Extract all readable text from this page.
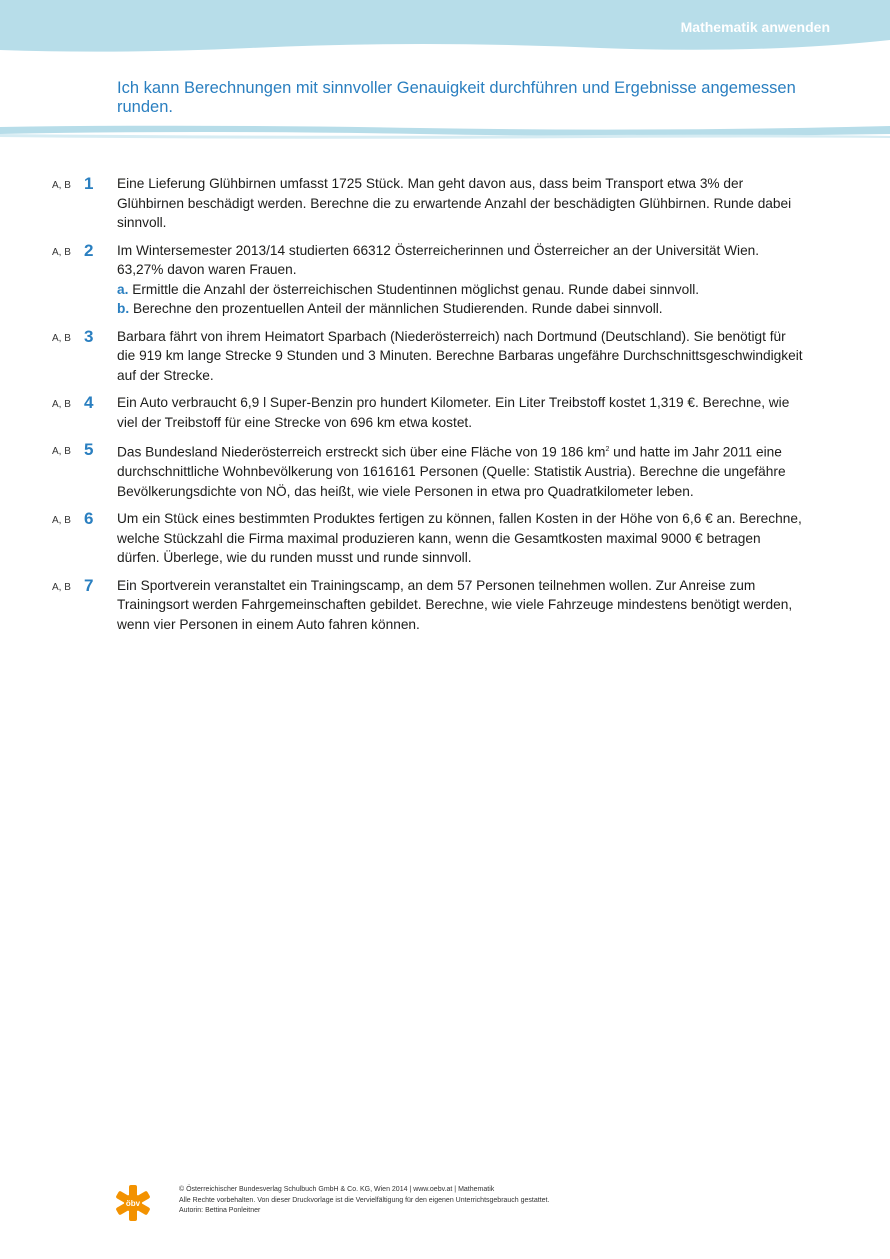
Mathematik anwenden
Ich kann Berechnungen mit sinnvoller Genauigkeit durchführen und Ergebnisse angemessen runden.
A, B 1 Eine Lieferung Glühbirnen umfasst 1725 Stück. Man geht davon aus, dass beim Transport etwa 3% der Glühbirnen beschädigt werden. Berechne die zu erwartende Anzahl der beschädigten Glühbirnen. Runde dabei sinnvoll.
A, B 2 Im Wintersemester 2013/14 studierten 66312 Österreicherinnen und Österreicher an der Universität Wien. 63,27% davon waren Frauen.
a. Ermittle die Anzahl der österreichischen Studentinnen möglichst genau. Runde dabei sinnvoll.
b. Berechne den prozentuellen Anteil der männlichen Studierenden. Runde dabei sinnvoll.
A, B 3 Barbara fährt von ihrem Heimatort Sparbach (Niederösterreich) nach Dortmund (Deutschland). Sie benötigt für die 919 km lange Strecke 9 Stunden und 3 Minuten. Berechne Barbaras ungefähre Durchschnittsgeschwindigkeit auf der Strecke.
A, B 4 Ein Auto verbraucht 6,9 l Super-Benzin pro hundert Kilometer. Ein Liter Treibstoff kostet 1,319 €. Berechne, wie viel der Treibstoff für eine Strecke von 696 km etwa kostet.
A, B 5 Das Bundesland Niederösterreich erstreckt sich über eine Fläche von 19 186 $km^2$ und hatte im Jahr 2011 eine durchschnittliche Wohnbevölkerung von 1616161 Personen (Quelle: Statistik Austria). Berechne die ungefähre Bevölkerungsdichte von NÖ, das heißt, wie viele Personen in etwa pro Quadratkilometer leben.
A, B 6 Um ein Stück eines bestimmten Produktes fertigen zu können, fallen Kosten in der Höhe von 6,6 € an. Berechne, welche Stückzahl die Firma maximal produzieren kann, wenn die Gesamtkosten maximal 9000 € betragen dürfen. Überlege, wie du runden musst und runde sinnvoll.
A, B 7 Ein Sportverein veranstaltet ein Trainingscamp, an dem 57 Personen teilnehmen wollen. Zur Anreise zum Trainingsort werden Fahrgemeinschaften gebildet. Berechne, wie viele Fahrzeuge mindestens benötigt werden, wenn vier Personen in einem Auto fahren können.
öbv
© Österreichischer Bundesverlag Schulbuch GmbH & Co. KG, Wien 2014 | www.oebv.at | Mathematik
Alle Rechte vorbehalten. Von dieser Druckvorlage ist die Vervielfältigung für den eigenen Unterrichtsgebrauch gestattet.
Autorin: Bettina Ponleitner
